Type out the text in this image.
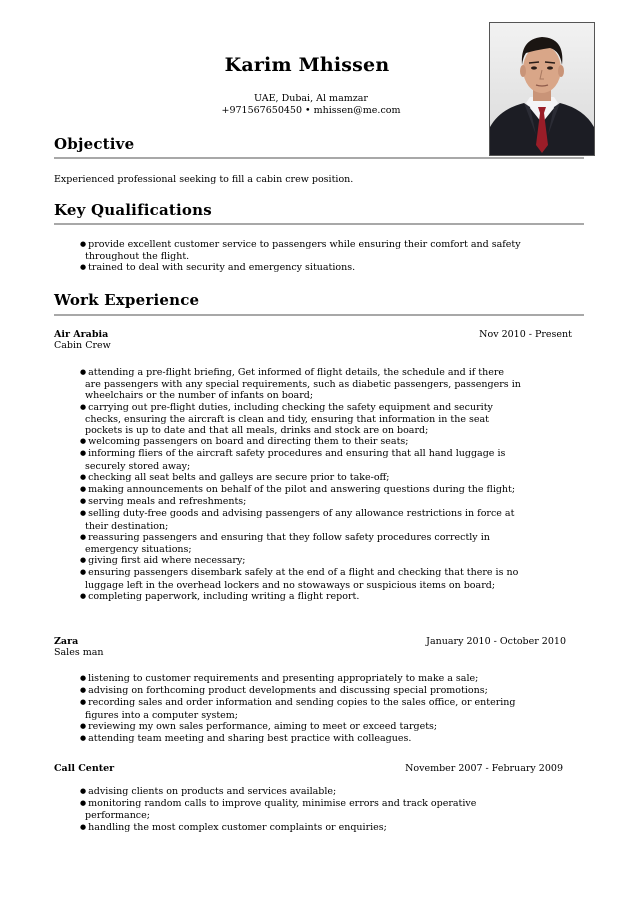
Karim Mhissen
UAE, Dubai, Al mamzar
+971567650450 • mhissen@me.com
Objective
Experienced professional seeking to fill a cabin crew position.
Key Qualifications
● provide excellent customer service to passengers while ensuring their comfort and safety throughout the flight.
● trained to deal with security and emergency situations.
Work Experience
Air Arabia	Nov 2010 - Present
Cabin Crew
● attending a pre-flight briefing, Get informed of flight details, the schedule and if there are passengers with any special requirements, such as diabetic passengers, passengers in wheelchairs or the number of infants on board;
● carrying out pre-flight duties, including checking the safety equipment and security checks, ensuring the aircraft is clean and tidy, ensuring that information in the seat pockets is up to date and that all meals, drinks and stock are on board;
● welcoming passengers on board and directing them to their seats;
● informing fliers of the aircraft safety procedures and ensuring that all hand luggage is securely stored away;
● checking all seat belts and galleys are secure prior to take-off;
● making announcements on behalf of the pilot and answering questions during the flight;
● serving meals and refreshments;
● selling duty-free goods and advising passengers of any allowance restrictions in force at their destination;
● reassuring passengers and ensuring that they follow safety procedures correctly in emergency situations;
● giving first aid where necessary;
● ensuring passengers disembark safely at the end of a flight and checking that there is no luggage left in the overhead lockers and no stowaways or suspicious items on board;
● completing paperwork, including writing a flight report.
Zara	January 2010 - October 2010
Sales man
● listening to customer requirements and presenting appropriately to make a sale;
● advising on forthcoming product developments and discussing special promotions;
● recording sales and order information and sending copies to the sales office, or entering figures into a computer system;
● reviewing my own sales performance, aiming to meet or exceed targets;
● attending team meeting and sharing best practice with colleagues.
Call Center	November 2007 - February 2009
● advising clients on products and services available;
● monitoring random calls to improve quality, minimise errors and track operative performance;
● handling the most complex customer complaints or enquiries;
